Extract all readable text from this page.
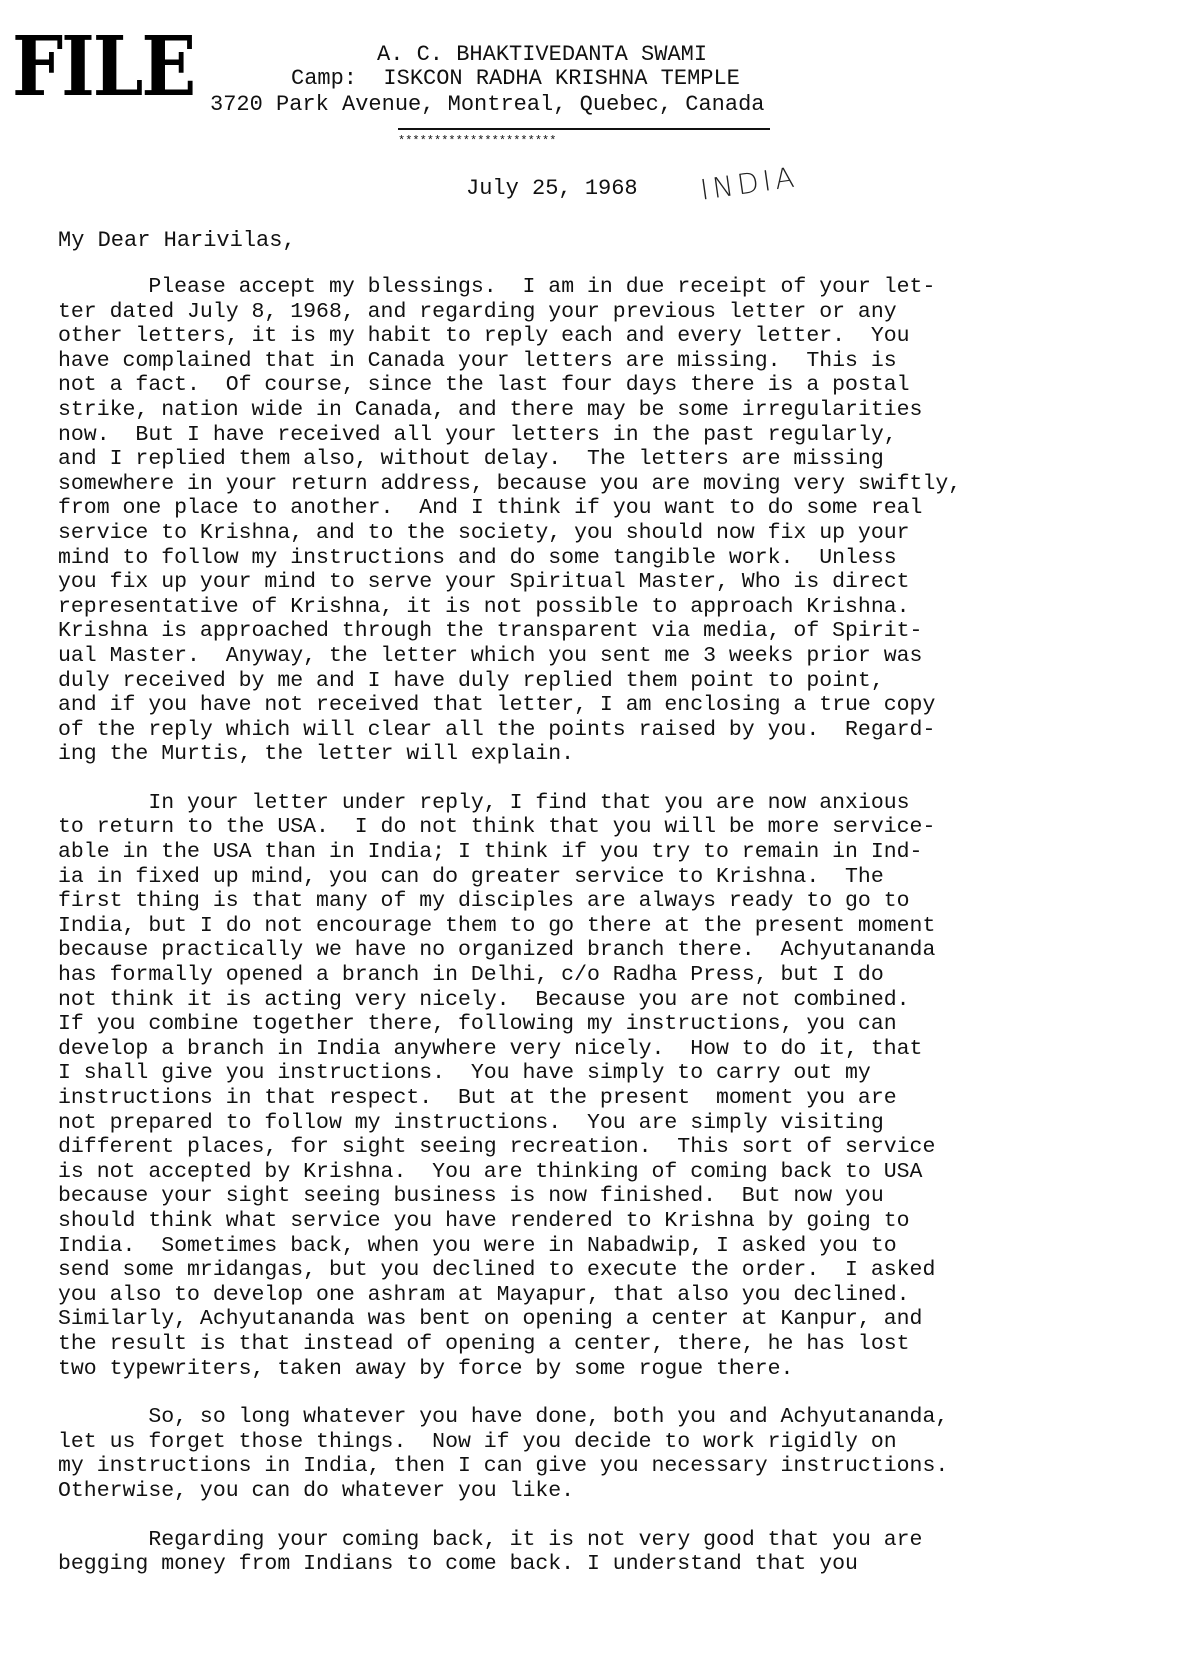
FILE	A. C. BHAKTIVEDANTA SWAMI
Camp:  ISKCON RADHA KRISHNA TEMPLE
3720 Park Avenue, Montreal, Quebec, Canada
**********************
July 25, 1968 INDIA
My Dear Harivilas,

Please accept my blessings.  I am in due receipt of your let-
ter dated July 8, 1968, and regarding your previous letter or any
other letters, it is my habit to reply each and every letter.  You
have complained that in Canada your letters are missing.  This is
not a fact.  Of course, since the last four days there is a postal
strike, nation wide in Canada, and there may be some irregularities
now.  But I have received all your letters in the past regularly,
and I replied them also, without delay.  The letters are missing
somewhere in your return address, because you are moving very swiftly,
from one place to another.  And I think if you want to do some real
service to Krishna, and to the society, you should now fix up your
mind to follow my instructions and do some tangible work.  Unless
you fix up your mind to serve your Spiritual Master, Who is direct
representative of Krishna, it is not possible to approach Krishna.
Krishna is approached through the transparent via media, of Spirit-
ual Master.  Anyway, the letter which you sent me 3 weeks prior was
duly received by me and I have duly replied them point to point,
and if you have not received that letter, I am enclosing a true copy
of the reply which will clear all the points raised by you.  Regard-
ing the Murtis, the letter will explain.

In your letter under reply, I find that you are now anxious
to return to the USA.  I do not think that you will be more service-
able in the USA than in India; I think if you try to remain in Ind-
ia in fixed up mind, you can do greater service to Krishna.  The
first thing is that many of my disciples are always ready to go to
India, but I do not encourage them to go there at the present moment
because practically we have no organized branch there.  Achyutananda
has formally opened a branch in Delhi, c/o Radha Press, but I do
not think it is acting very nicely.  Because you are not combined.
If you combine together there, following my instructions, you can
develop a branch in India anywhere very nicely.  How to do it, that
I shall give you instructions.  You have simply to carry out my
instructions in that respect.  But at the present  moment you are
not prepared to follow my instructions.  You are simply visiting
different places, for sight seeing recreation.  This sort of service
is not accepted by Krishna.  You are thinking of coming back to USA
because your sight seeing business is now finished.  But now you
should think what service you have rendered to Krishna by going to
India.  Sometimes back, when you were in Nabadwip, I asked you to
send some mridangas, but you declined to execute the order.  I asked
you also to develop one ashram at Mayapur, that also you declined.
Similarly, Achyutananda was bent on opening a center at Kanpur, and
the result is that instead of opening a center, there, he has lost
two typewriters, taken away by force by some rogue there.

So, so long whatever you have done, both you and Achyutananda,
let us forget those things.  Now if you decide to work rigidly on
my instructions in India, then I can give you necessary instructions.
Otherwise, you can do whatever you like.

Regarding your coming back, it is not very good that you are
begging money from Indians to come back. I understand that you
